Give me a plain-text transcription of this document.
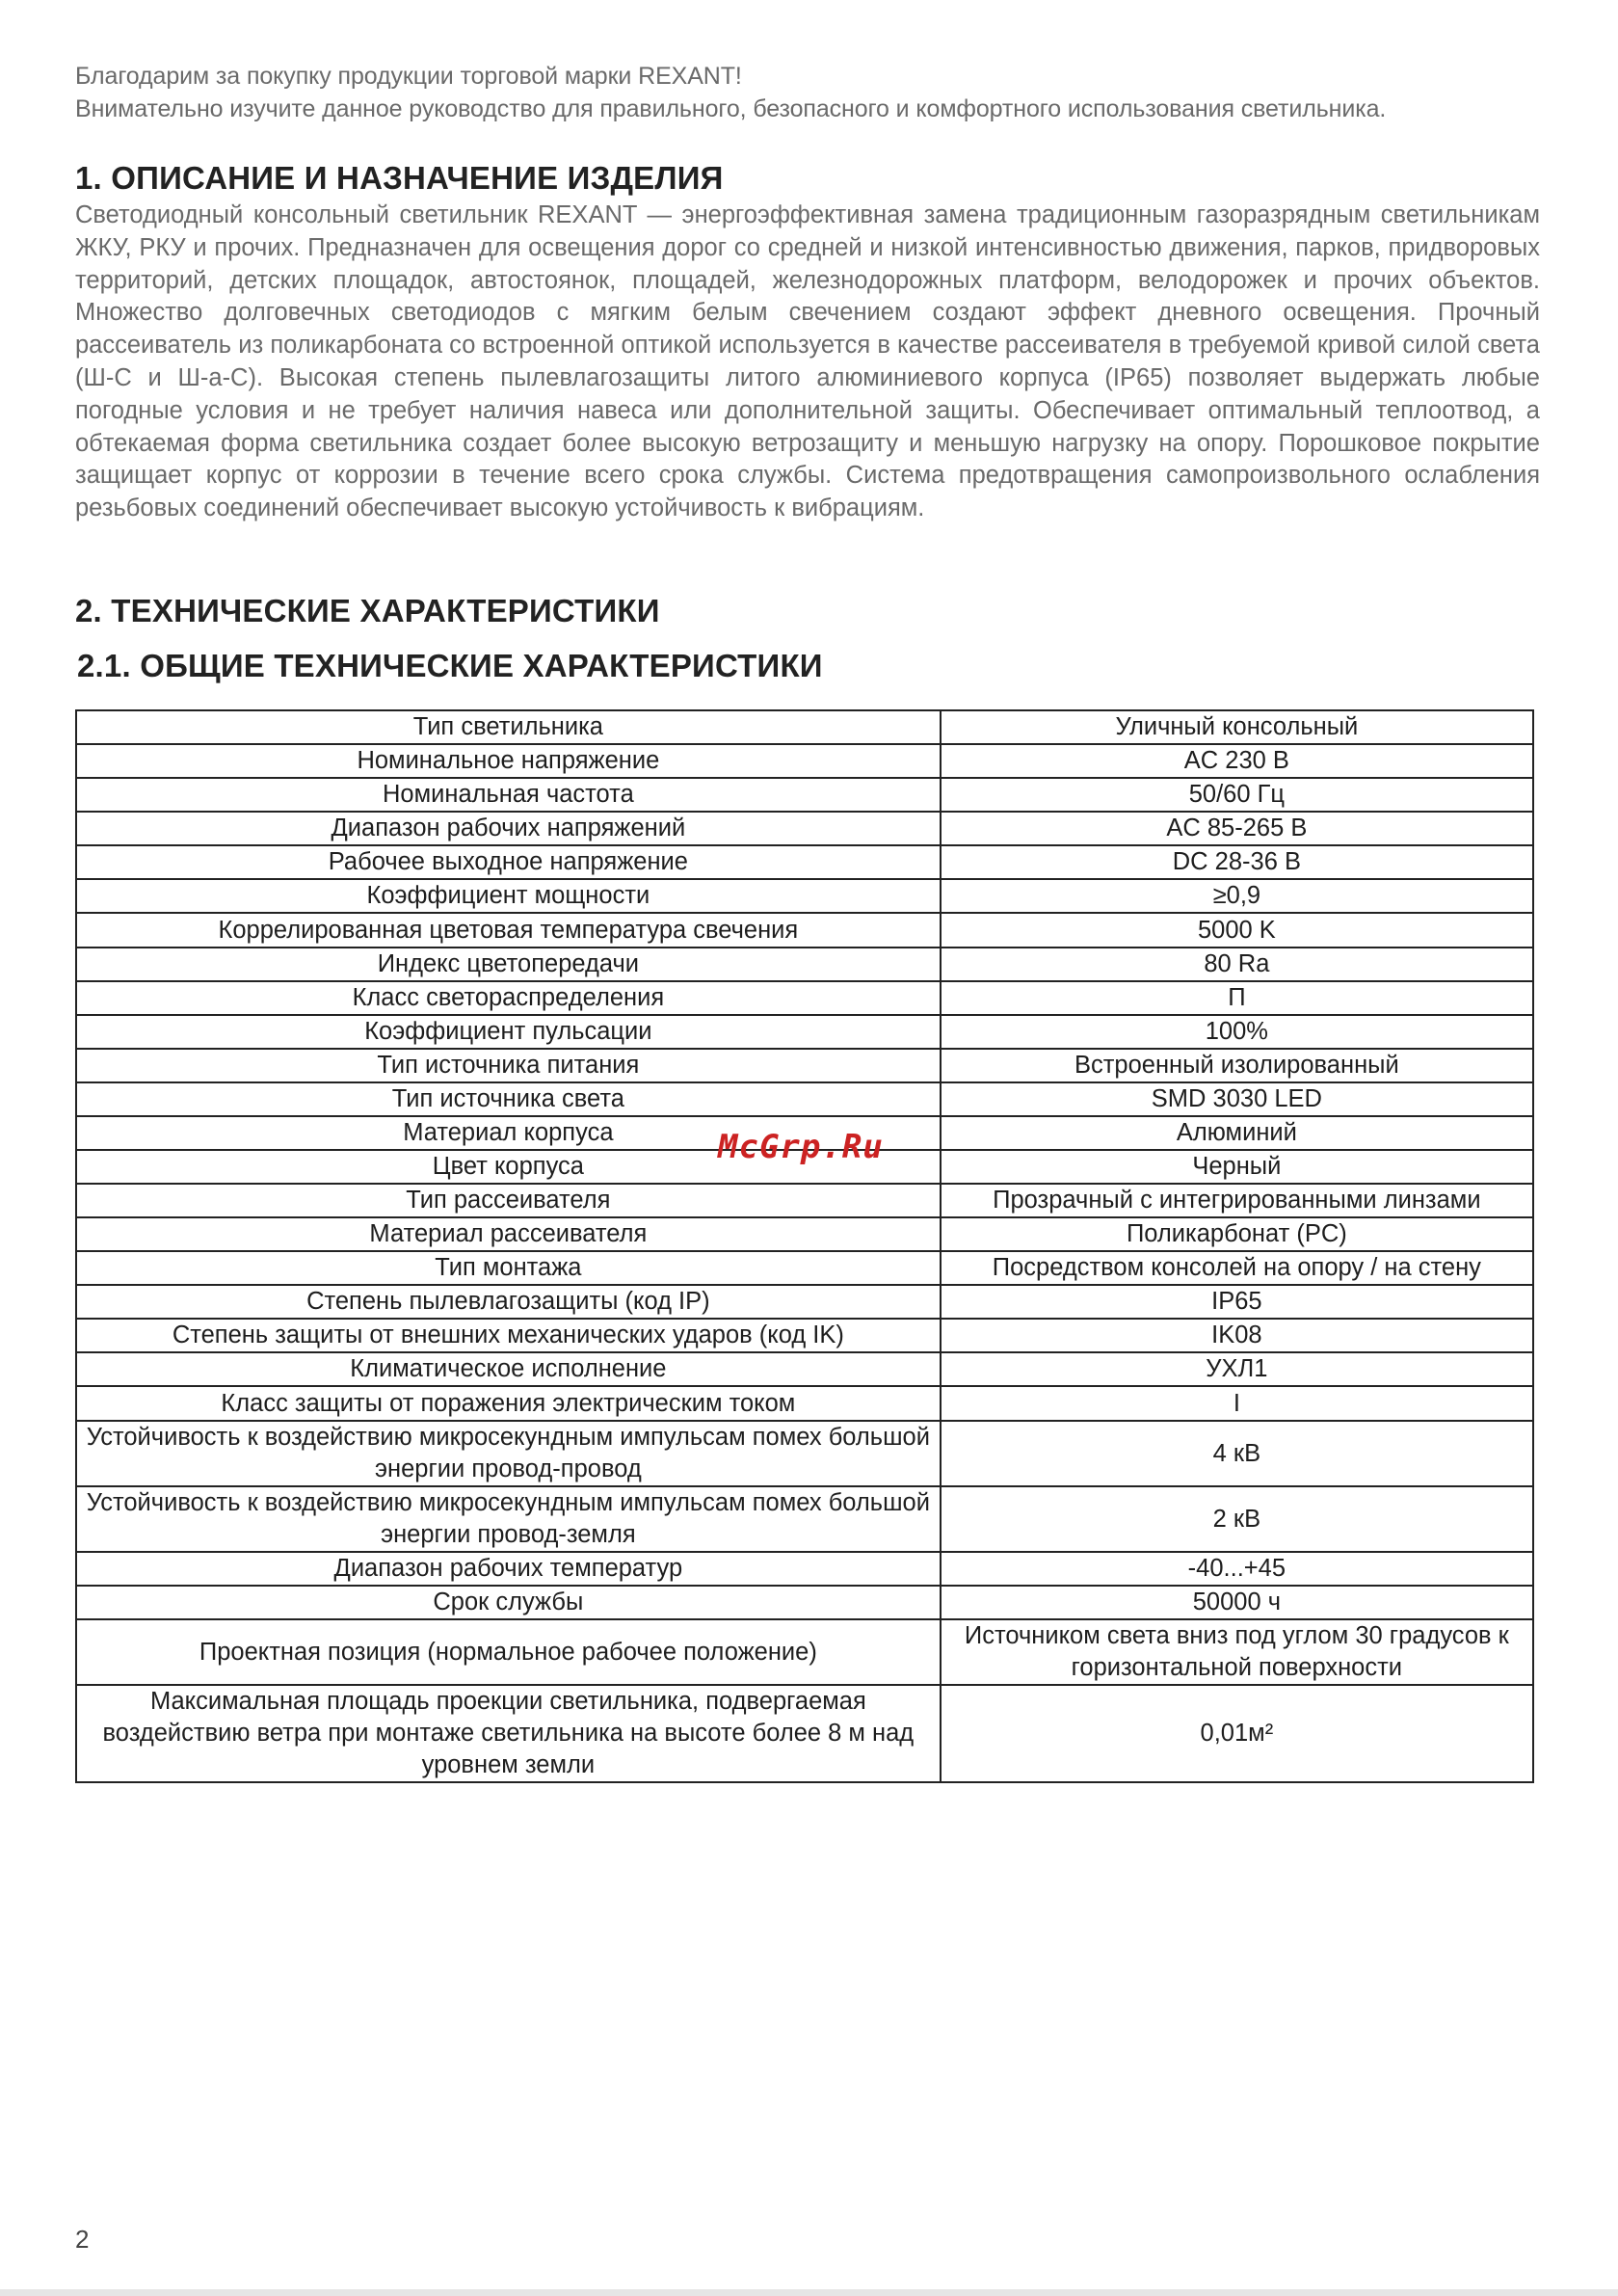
Благодарим за покупку продукции торговой марки REXANT!

Внимательно изучите данное руководство для правильного, безопасного и комфортного использования светильника.

1. ОПИСАНИЕ И НАЗНАЧЕНИЕ ИЗДЕЛИЯ

Светодиодный консольный светильник REXANT — энергоэффективная замена традиционным газоразрядным светильникам ЖКУ, РКУ и прочих. Предназначен для освещения дорог со средней и низкой интенсивностью движения, парков, придворовых территорий, детских площадок, автостоянок, площадей, железнодорожных платформ, велодорожек и прочих объектов. Множество долговечных светодиодов с мягким белым свечением создают эффект дневного освещения. Прочный рассеиватель из поликарбоната со встроенной оптикой используется в качестве рассеивателя в требуемой кривой силой света (Ш-С и Ш-а-С). Высокая степень пылевлагозащиты литого алюминиевого корпуса (IP65) позволяет выдержать любые погодные условия и не требует наличия навеса или дополнительной защиты. Обеспечивает оптимальный теплоотвод, а обтекаемая форма светильника создает более высокую ветрозащиту и меньшую нагрузку на опору. Порошковое покрытие защищает корпус от коррозии в течение всего срока службы. Система предотвращения самопроизвольного ослабления резьбовых соединений обеспечивает высокую устойчивость к вибрациям.

2. ТЕХНИЧЕСКИЕ ХАРАКТЕРИСТИКИ
2.1. ОБЩИЕ ТЕХНИЧЕСКИЕ ХАРАКТЕРИСТИКИ
Тип светильника	Уличный консольный
Номинальное напряжение	AC 230 В
Номинальная частота	50/60 Гц
Диапазон рабочих напряжений	AC 85-265 В
Рабочее выходное напряжение	DC 28-36 В
Коэффициент мощности	≥0,9
Коррелированная цветовая температура свечения	5000 K
Индекс цветопередачи	80 Ra
Класс светораспределения	П
Коэффициент пульсации	100%
Тип источника питания	Встроенный изолированный
Тип источника света	SMD 3030 LED
Материал корпуса	Алюминий
Цвет корпуса	Черный
Тип рассеивателя	Прозрачный с интегрированными линзами
Материал рассеивателя	Поликарбонат (PC)
Тип монтажа	Посредством консолей на опору / на стену
Степень пылевлагозащиты (код IP)	IP65
Степень защиты от внешних механических ударов (код IK)	IK08
Климатическое исполнение	УХЛ1
Класс защиты от поражения электрическим током	I
Устойчивость к воздействию микросекундным импульсам помех большой энергии провод-провод	4 кВ
Устойчивость к воздействию микросекундным импульсам помех большой энергии провод-земля	2 кВ
Диапазон рабочих температур	-40...+45
Срок службы	50000 ч
Проектная позиция (нормальное рабочее положение)	Источником света вниз под углом 30 градусов к горизонтальной поверхности
Максимальная площадь проекции светильника, подвергаемая воздействию ветра при монтаже светильника на высоте более 8 м над уровнем земли	0,01м²
McGrp.Ru
2
